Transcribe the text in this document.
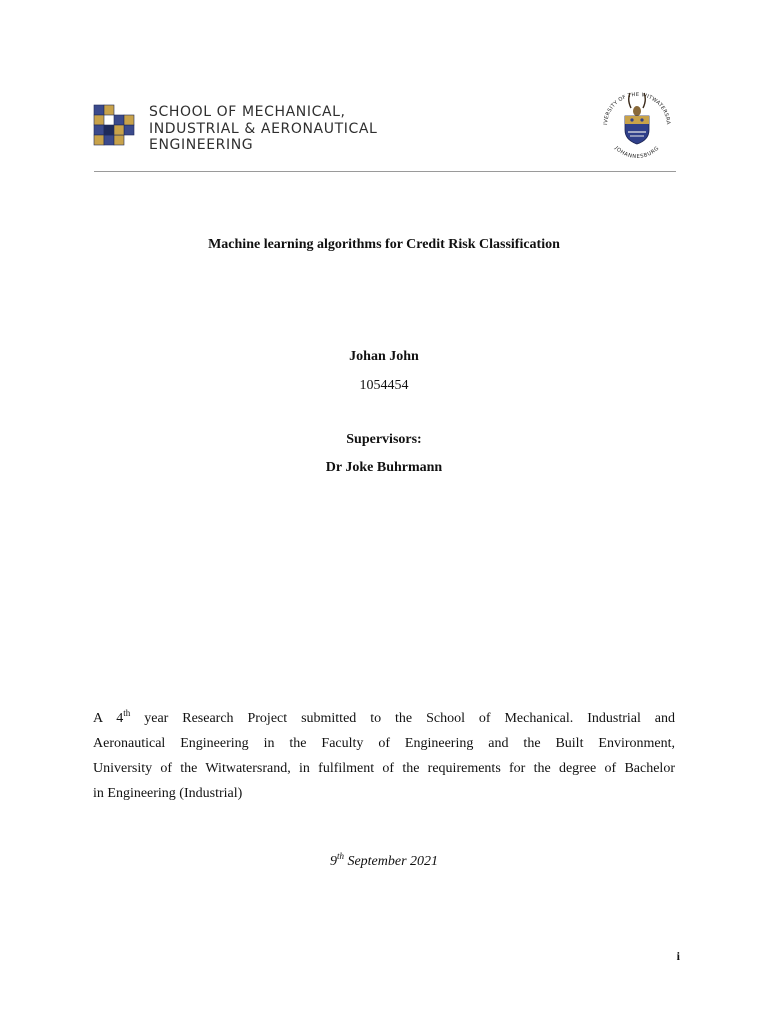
SCHOOL OF MECHANICAL,
INDUSTRIAL & AERONAUTICAL
ENGINEERING
IVERSITY OF THE WITWATERSRA
JOHANNESBURG
Machine learning algorithms for Credit Risk Classification
Johan John
1054454
Supervisors:
Dr Joke Buhrmann
A 4th year Research Project submitted to the School of Mechanical. Industrial and
Aeronautical Engineering in the Faculty of Engineering and the Built Environment,
University of the Witwatersrand, in fulfilment of the requirements for the degree of Bachelor
in Engineering (Industrial)
9th September 2021
i
